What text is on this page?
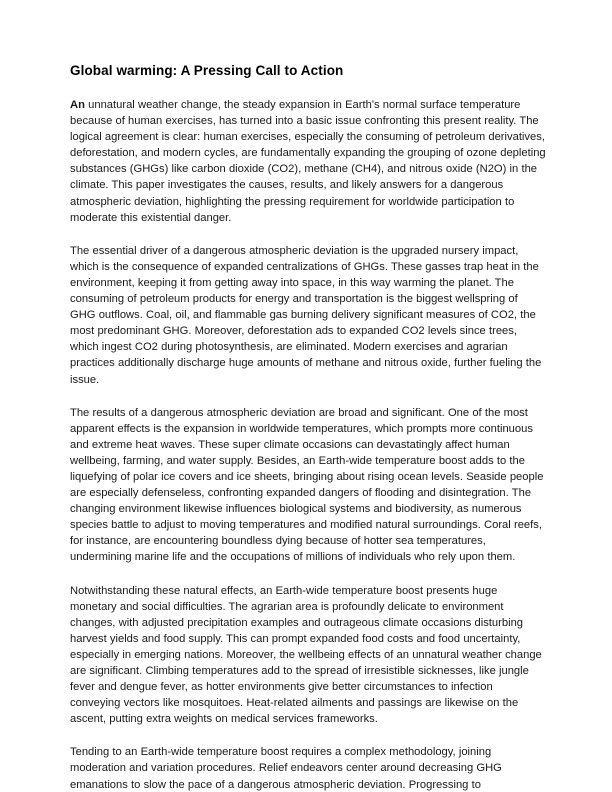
Global warming: A Pressing Call to Action

An unnatural weather change, the steady expansion in Earth's normal surface temperature because of human exercises, has turned into a basic issue confronting this present reality. The logical agreement is clear: human exercises, especially the consuming of petroleum derivatives, deforestation, and modern cycles, are fundamentally expanding the grouping of ozone depleting substances (GHGs) like carbon dioxide (CO2), methane (CH4), and nitrous oxide (N2O) in the climate. This paper investigates the causes, results, and likely answers for a dangerous atmospheric deviation, highlighting the pressing requirement for worldwide participation to moderate this existential danger.

The essential driver of a dangerous atmospheric deviation is the upgraded nursery impact, which is the consequence of expanded centralizations of GHGs. These gasses trap heat in the environment, keeping it from getting away into space, in this way warming the planet. The consuming of petroleum products for energy and transportation is the biggest wellspring of GHG outflows. Coal, oil, and flammable gas burning delivery significant measures of CO2, the most predominant GHG. Moreover, deforestation ads to expanded CO2 levels since trees, which ingest CO2 during photosynthesis, are eliminated. Modern exercises and agrarian practices additionally discharge huge amounts of methane and nitrous oxide, further fueling the issue.

The results of a dangerous atmospheric deviation are broad and significant. One of the most apparent effects is the expansion in worldwide temperatures, which prompts more continuous and extreme heat waves. These super climate occasions can devastatingly affect human wellbeing, farming, and water supply. Besides, an Earth-wide temperature boost adds to the liquefying of polar ice covers and ice sheets, bringing about rising ocean levels. Seaside people are especially defenseless, confronting expanded dangers of flooding and disintegration. The changing environment likewise influences biological systems and biodiversity, as numerous species battle to adjust to moving temperatures and modified natural surroundings. Coral reefs, for instance, are encountering boundless dying because of hotter sea temperatures, undermining marine life and the occupations of millions of individuals who rely upon them.

Notwithstanding these natural effects, an Earth-wide temperature boost presents huge monetary and social difficulties. The agrarian area is profoundly delicate to environment changes, with adjusted precipitation examples and outrageous climate occasions disturbing harvest yields and food supply. This can prompt expanded food costs and food uncertainty, especially in emerging nations. Moreover, the wellbeing effects of an unnatural weather change are significant. Climbing temperatures add to the spread of irresistible sicknesses, like jungle fever and dengue fever, as hotter environments give better circumstances to infection conveying vectors like mosquitoes. Heat-related ailments and passings are likewise on the ascent, putting extra weights on medical services frameworks.

Tending to an Earth-wide temperature boost requires a complex methodology, joining moderation and variation procedures. Relief endeavors center around decreasing GHG emanations to slow the pace of a dangerous atmospheric deviation. Progressing to
